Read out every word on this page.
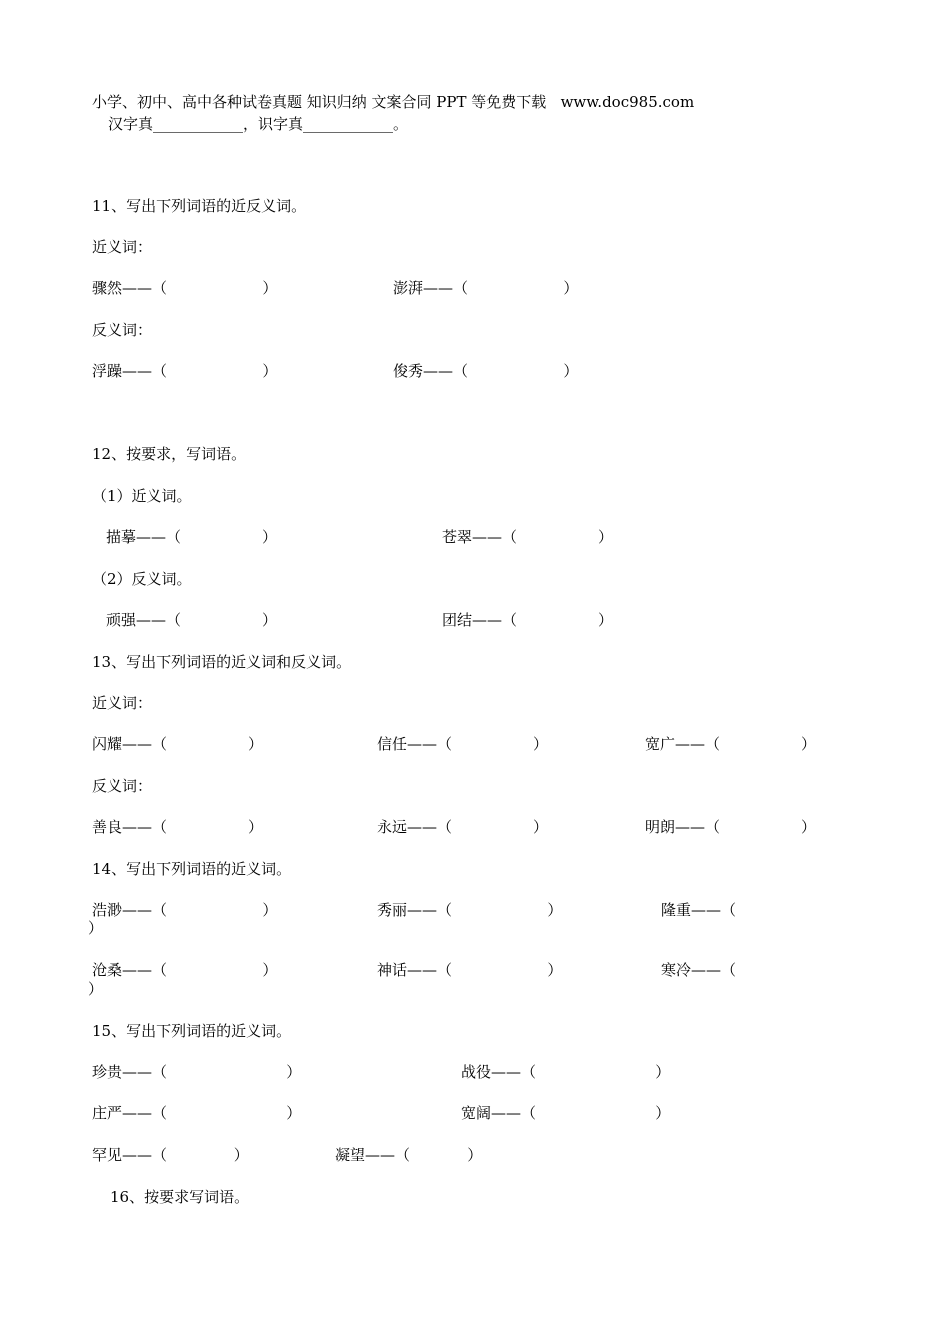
小学、初中、高中各种试卷真题 知识归纳 文案合同 PPT 等免费下载   www.doc985.com
汉字真____________，识字真____________。
11、写出下列词语的近反义词。
近义词：
骤然——（                    ）	澎湃——（                    ）
反义词：
浮躁——（                    ）	俊秀——（                    ）
12、按要求，写词语。
（1）近义词。
描摹——（                 ）	苍翠——（                 ）
（2）反义词。
顽强——（                 ）	团结——（                 ）
13、写出下列词语的近义词和反义词。
近义词：
闪耀——（                 ）	信任——（                 ）	宽广——（                 ）
反义词：
善良——（                 ）	永远——（                 ）	明朗——（                 ）
14、写出下列词语的近义词。
浩渺——（                    ）	秀丽——（                    ）	隆重——（
）
沧桑——（                    ）	神话——（                    ）	寒冷——（
）
15、写出下列词语的近义词。
珍贵——（                         ）	战役——（                         ）
庄严——（                         ）	宽阔——（                         ）
罕见——（              ）	凝望——（            ）
16、按要求写词语。
